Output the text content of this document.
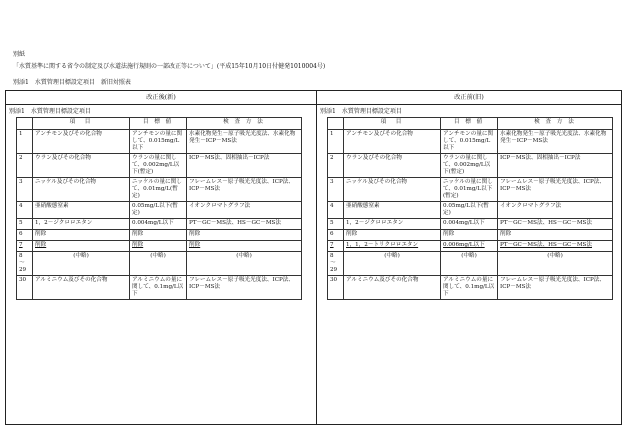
別紙
「水質基準に関する省令の制定及び水道法施行規則の一部改正等について」(平成15年10月10日付健発1010004号)
別添1　水質管理目標設定項目　新旧対照表
改正後(新)
別添1　水質管理目標設定項目
	項　目	目 標 値	検 査 方 法
1	アンチモン及びその化合物	アンチモンの量に関して、0.015mg/L以下	水素化物発生－原子吸光光度法、水素化物発生－ICP－MS法
2	ウラン及びその化合物	ウランの量に関して、0.002mg/L以下(暫定)	ICP－MS法、固相抽出－ICP法
3	ニッケル及びその化合物	ニッケルの量に関して、0.01mg/L(暫定)	フレームレス－原子吸光光度法、ICP法、ICP－MS法
4	亜硝酸態窒素	0.05mg/L以下(暫定)	イオンクロマトグラフ法
5	1，2－ジクロロエタン	0.004mg/L以下	PT－GC－MS法、HS－GC－MS法
6	削除	削除	削除
7	削除	削除	削除
8
～29	(中略)	(中略)	(中略)
30	アルミニウム及びその化合物	アルミニウムの量に関して、0.1mg/L以下	フレームレス－原子吸光光度法、ICP法、ICP－MS法
改正前(旧)
別添1　水質管理目標設定項目
	項　目	目 標 値	検 査 方 法
1	アンチモン及びその化合物	アンチモンの量に関して、0.015mg/L以下	水素化物発生－原子吸光光度法、水素化物発生－ICP－MS法
2	ウラン及びその化合物	ウランの量に関して、0.002mg/L以下(暫定)	ICP－MS法、固相抽出－ICP法
3	ニッケル及びその化合物	ニッケルの量に関して、0.01mg/L以下(暫定)	フレームレス－原子吸光光度法、ICP法、ICP－MS法
4	亜硝酸態窒素	0.05mg/L以下(暫定)	イオンクロマトグラフ法
5	1，2－ジクロロエタン	0.004mg/L以下	PT－GC－MS法、HS－GC－MS法
6	削除	削除	削除
7	1，1，2－トリクロロエタン	0.006mg/L以下	PT－GC－MS法、HS－GC－MS法
8
～29	(中略)	(中略)	(中略)
30	アルミニウム及びその化合物	アルミニウムの量に関して、0.1mg/L以下	フレームレス－原子吸光光度法、ICP法、ICP－MS法
